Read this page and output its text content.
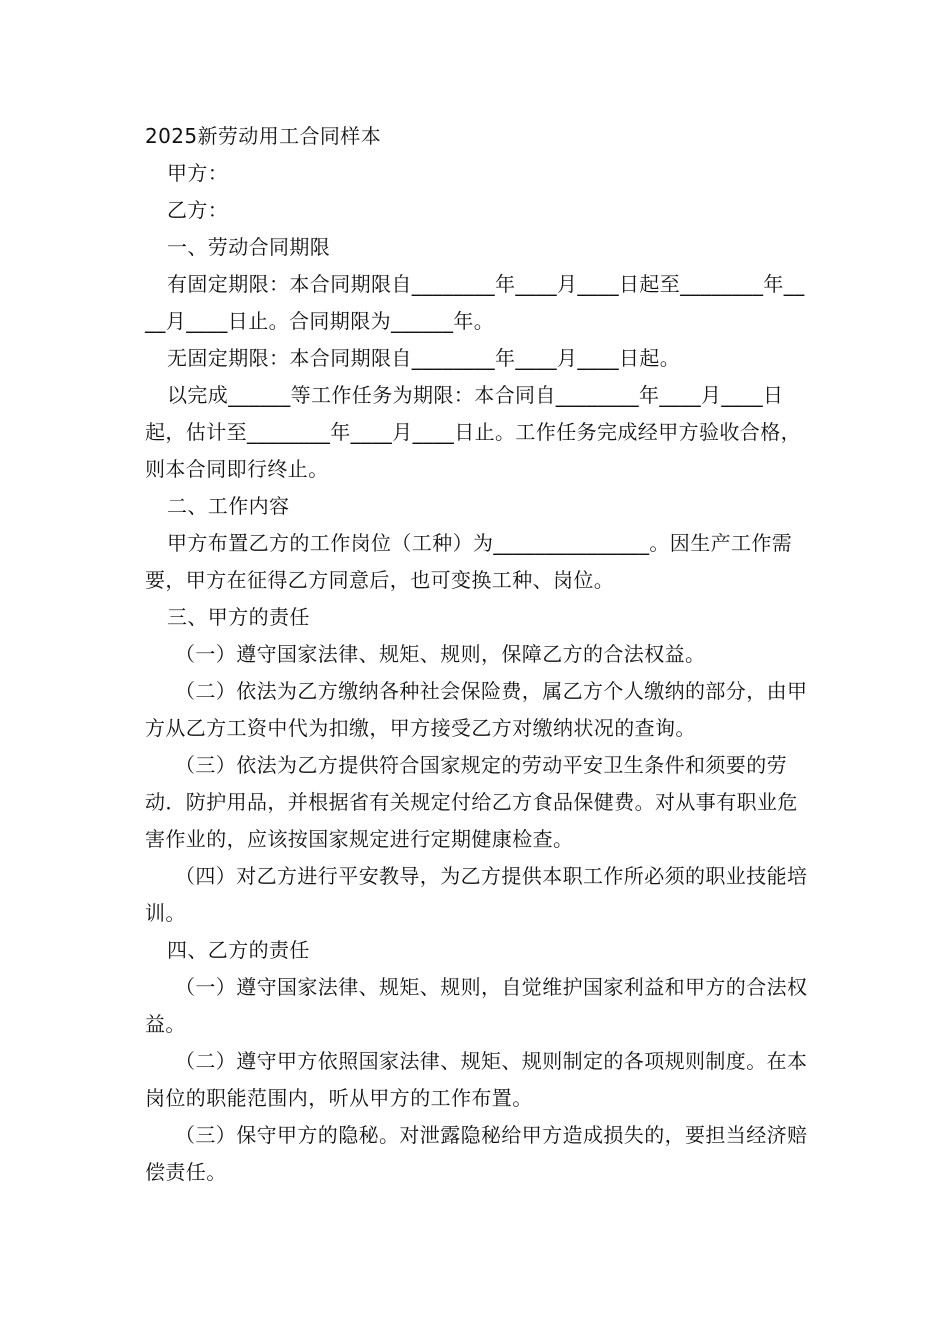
2025新劳动用工合同样本

甲方：

乙方：

一、劳动合同期限

有固定期限：本合同期限自________年____月____日起至________年____月____日止。合同期限为______年。

无固定期限：本合同期限自________年____月____日起。

以完成______等工作任务为期限：本合同自________年____月____日起，估计至________年____月____日止。工作任务完成经甲方验收合格，则本合同即行终止。

二、工作内容

甲方布置乙方的工作岗位（工种）为_______________。因生产工作需要，甲方在征得乙方同意后，也可变换工种、岗位。

三、甲方的责任

（一）遵守国家法律、规矩、规则，保障乙方的合法权益。

（二）依法为乙方缴纳各种社会保险费，属乙方个人缴纳的部分，由甲方从乙方工资中代为扣缴，甲方接受乙方对缴纳状况的查询。

（三）依法为乙方提供符合国家规定的劳动平安卫生条件和须要的劳动．防护用品，并根据省有关规定付给乙方食品保健费。对从事有职业危害作业的，应该按国家规定进行定期健康检查。

（四）对乙方进行平安教导，为乙方提供本职工作所必须的职业技能培训。

四、乙方的责任

（一）遵守国家法律、规矩、规则，自觉维护国家利益和甲方的合法权益。

（二）遵守甲方依照国家法律、规矩、规则制定的各项规则制度。在本岗位的职能范围内，听从甲方的工作布置。

（三）保守甲方的隐秘。对泄露隐秘给甲方造成损失的，要担当经济赔偿责任。
